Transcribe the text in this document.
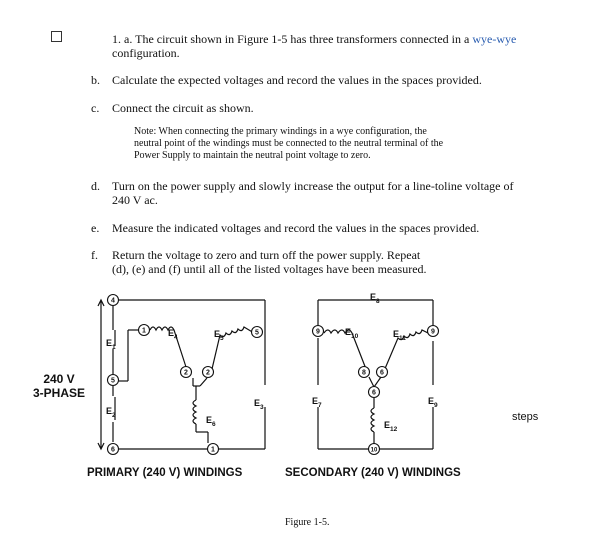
1. a. The circuit shown in Figure 1-5 has three transformers connected in a wye-wye
configuration.
b. Calculate the expected voltages and record the values in the spaces provided.
c. Connect the circuit as shown.
Note: When connecting the primary windings in a wye configuration, the
neutral point of the windings must be connected to the neutral terminal of the
Power Supply to maintain the neutral point voltage to zero.
d. Turn on the power supply and slowly increase the output for a line-toline voltage of
240 V ac.
e. Measure the indicated voltages and record the values in the spaces provided.
f. Return the voltage to zero and turn off the power supply. Repeat
(d), (e) and (f) until all of the listed voltages have been measured.
steps
240 V
3-PHASE
4
5
6
1	5
2	2
1
9	9
8 6
6
10
$E_1$
$E_2$
$E_3$
$E_4$	$E_5$
$E_6$
$E_7$
$E_8$
$E_9$
$E_{10}$	$E_{11}$
$E_{12}$
PRIMARY (240 V) WINDINGS	SECONDARY (240 V) WINDINGS
Figure 1-5.
